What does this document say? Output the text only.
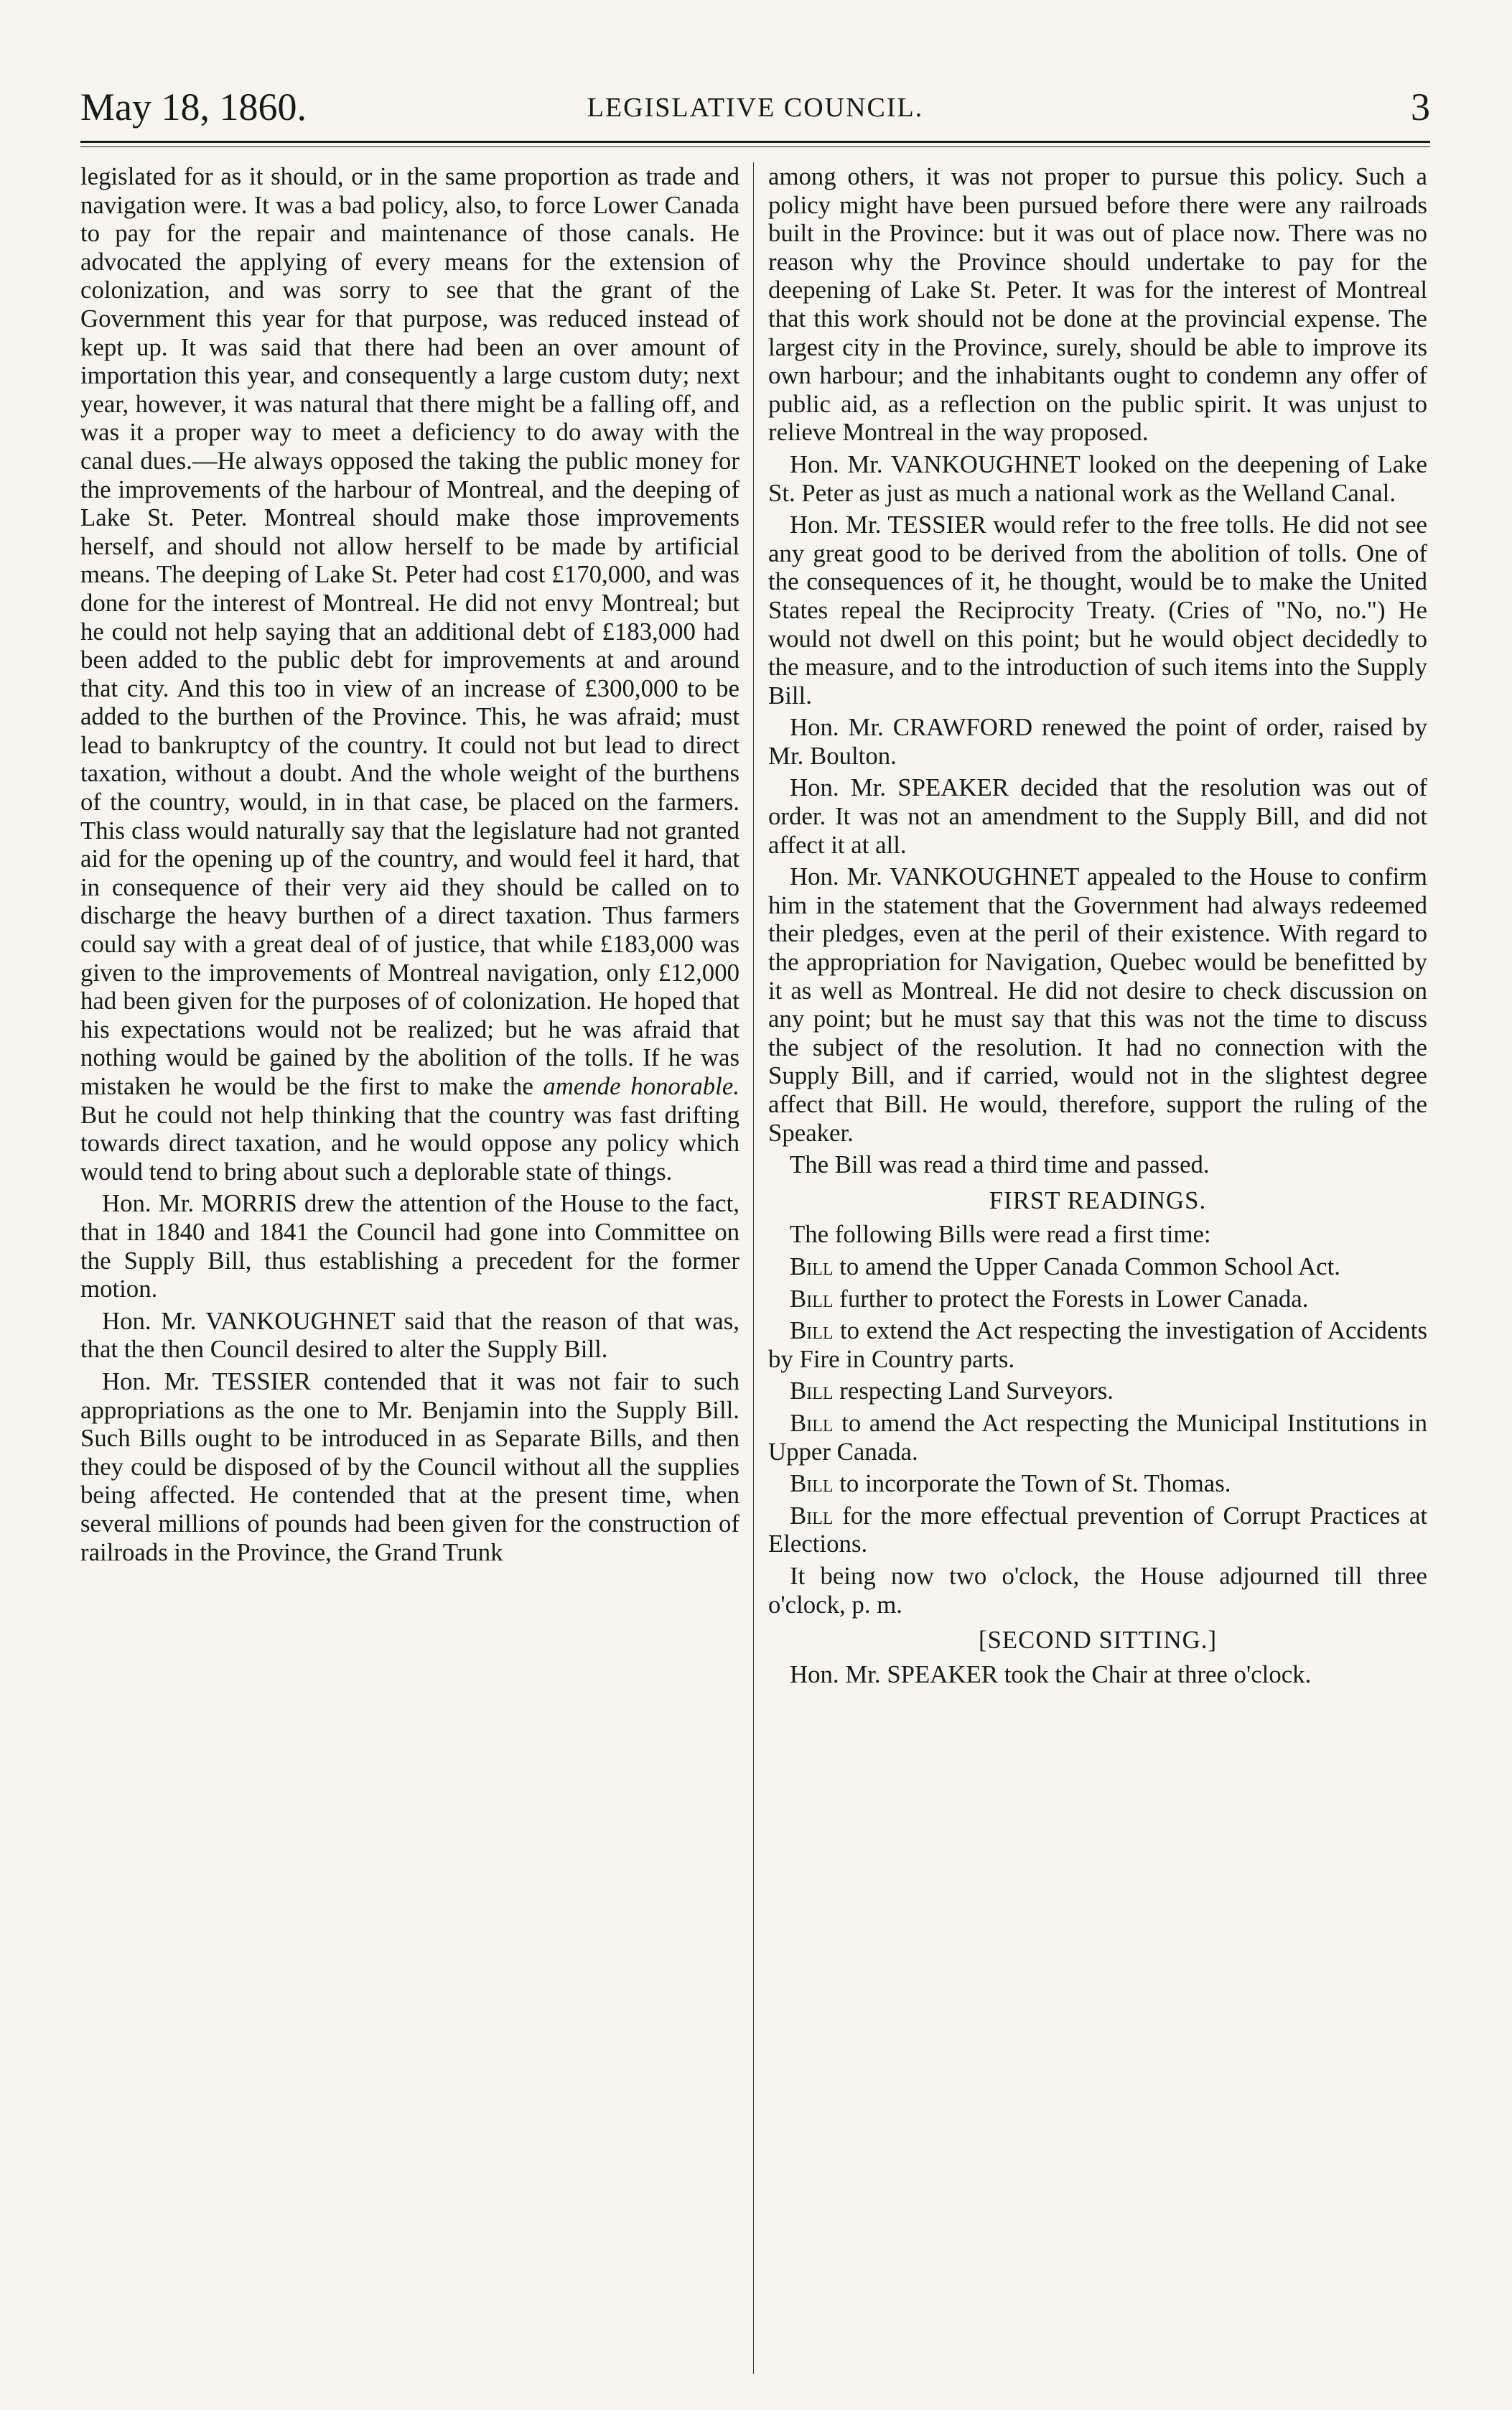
May 18, 1860.	LEGISLATIVE COUNCIL.	3

legislated for as it should, or in the same proportion as trade and navigation were. It was a bad policy, also, to force Lower Canada to pay for the repair and maintenance of those canals. He advocated the applying of every means for the extension of colonization, and was sorry to see that the grant of the Government this year for that purpose, was reduced instead of kept up. It was said that there had been an over amount of importation this year, and consequently a large custom duty; next year, however, it was natural that there might be a falling off, and was it a proper way to meet a deficiency to do away with the canal dues.—He always opposed the taking the public money for the improvements of the harbour of Montreal, and the deeping of Lake St. Peter. Montreal should make those improvements herself, and should not allow herself to be made by artificial means. The deeping of Lake St. Peter had cost £170,000, and was done for the interest of Montreal. He did not envy Montreal; but he could not help saying that an additional debt of £183,000 had been added to the public debt for improvements at and around that city. And this too in view of an increase of £300,000 to be added to the burthen of the Province. This, he was afraid; must lead to bankruptcy of the country. It could not but lead to direct taxation, without a doubt. And the whole weight of the burthens of the country, would, in in that case, be placed on the farmers. This class would naturally say that the legislature had not granted aid for the opening up of the country, and would feel it hard, that in consequence of their very aid they should be called on to discharge the heavy burthen of a direct taxation. Thus farmers could say with a great deal of of justice, that while £183,000 was given to the improvements of Montreal navigation, only £12,000 had been given for the purposes of of colonization. He hoped that his expectations would not be realized; but he was afraid that nothing would be gained by the abolition of the tolls. If he was mistaken he would be the first to make the amende honorable. But he could not help thinking that the country was fast drifting towards direct taxation, and he would oppose any policy which would tend to bring about such a deplorable state of things.

Hon. Mr. MORRIS drew the attention of the House to the fact, that in 1840 and 1841 the Council had gone into Committee on the Supply Bill, thus establishing a precedent for the former motion.

Hon. Mr. VANKOUGHNET said that the reason of that was, that the then Council desired to alter the Supply Bill.

Hon. Mr. TESSIER contended that it was not fair to such appropriations as the one to Mr. Benjamin into the Supply Bill. Such Bills ought to be introduced in as Separate Bills, and then they could be disposed of by the Council without all the supplies being affected. He contended that at the present time, when several millions of pounds had been given for the construction of railroads in the Province, the Grand Trunk

among others, it was not proper to pursue this policy. Such a policy might have been pursued before there were any railroads built in the Province: but it was out of place now. There was no reason why the Province should undertake to pay for the deepening of Lake St. Peter. It was for the interest of Montreal that this work should not be done at the provincial expense. The largest city in the Province, surely, should be able to improve its own harbour; and the inhabitants ought to condemn any offer of public aid, as a reflection on the public spirit. It was unjust to relieve Montreal in the way proposed.

Hon. Mr. VANKOUGHNET looked on the deepening of Lake St. Peter as just as much a national work as the Welland Canal.

Hon. Mr. TESSIER would refer to the free tolls. He did not see any great good to be derived from the abolition of tolls. One of the consequences of it, he thought, would be to make the United States repeal the Reciprocity Treaty. (Cries of "No, no.") He would not dwell on this point; but he would object decidedly to the measure, and to the introduction of such items into the Supply Bill.

Hon. Mr. CRAWFORD renewed the point of order, raised by Mr. Boulton.

Hon. Mr. SPEAKER decided that the resolution was out of order. It was not an amendment to the Supply Bill, and did not affect it at all.

Hon. Mr. VANKOUGHNET appealed to the House to confirm him in the statement that the Government had always redeemed their pledges, even at the peril of their existence. With regard to the appropriation for Navigation, Quebec would be benefitted by it as well as Montreal. He did not desire to check discussion on any point; but he must say that this was not the time to discuss the subject of the resolution. It had no connection with the Supply Bill, and if carried, would not in the slightest degree affect that Bill. He would, therefore, support the ruling of the Speaker.

The Bill was read a third time and passed.

FIRST READINGS.

The following Bills were read a first time:

Bill to amend the Upper Canada Common School Act.

Bill further to protect the Forests in Lower Canada.

Bill to extend the Act respecting the investigation of Accidents by Fire in Country parts.

Bill respecting Land Surveyors.

Bill to amend the Act respecting the Municipal Institutions in Upper Canada.

Bill to incorporate the Town of St. Thomas.

Bill for the more effectual prevention of Corrupt Practices at Elections.

It being now two o'clock, the House adjourned till three o'clock, p. m.

[SECOND SITTING.]

Hon. Mr. SPEAKER took the Chair at three o'clock.
